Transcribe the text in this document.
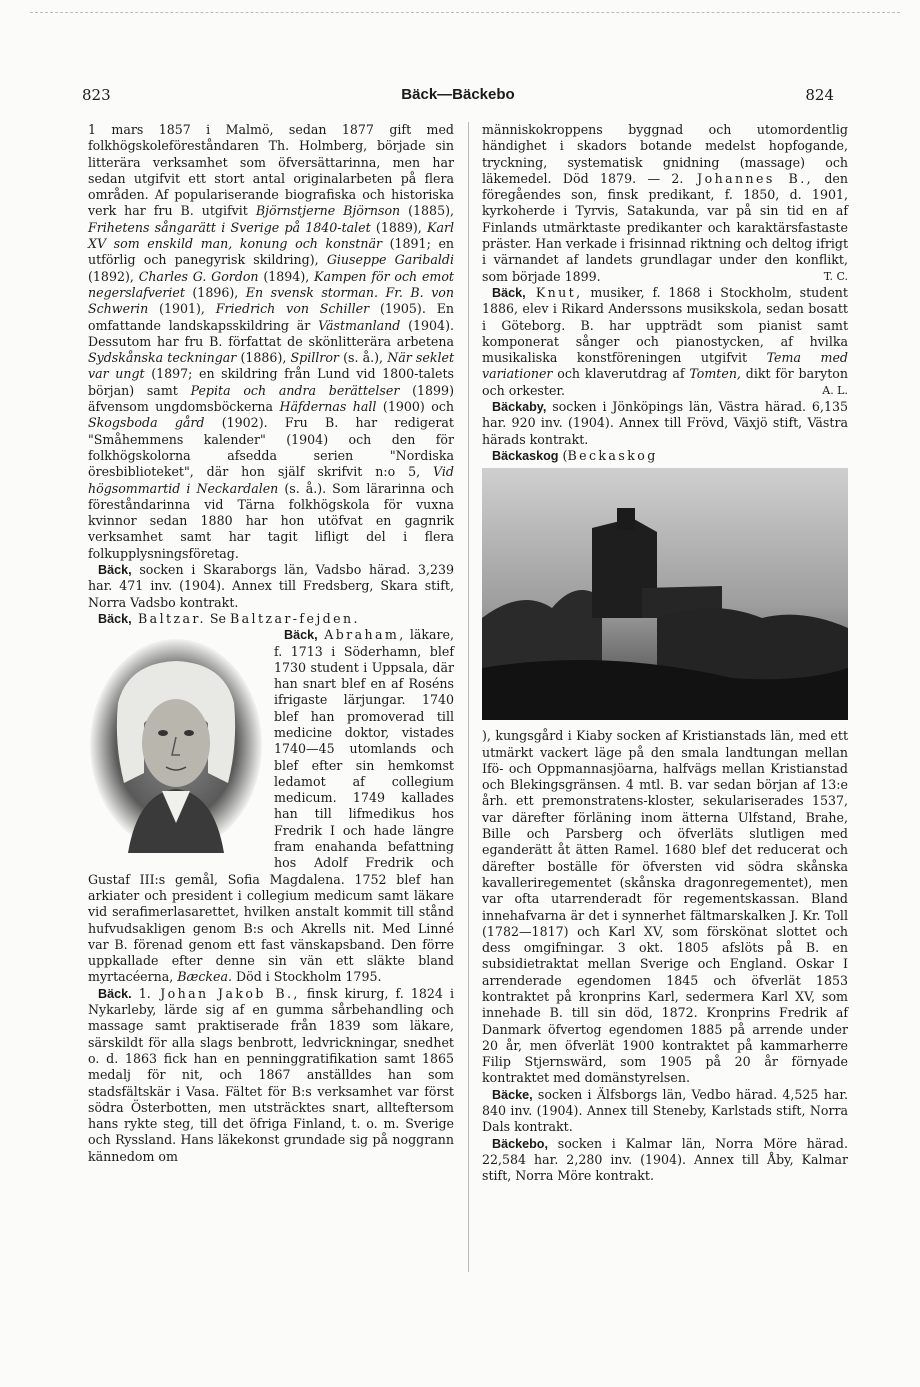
823	Bäck—Bäckebo	824

1 mars 1857 i Malmö, sedan 1877 gift med folkhögskoleföreståndaren Th. Holmberg, började sin litterära verksamhet som öfversättarinna, men har sedan utgifvit ett stort antal originalarbeten på flera områden. Af populariserande biografiska och historiska verk har fru B. utgifvit Björnstjerne Björnson (1885), Frihetens sångarätt i Sverige på 1840-talet (1889), Karl XV som enskild man, konung och konstnär (1891; en utförlig och panegyrisk skildring), Giuseppe Garibaldi (1892), Charles G. Gordon (1894), Kampen för och emot negerslafveriet (1896), En svensk storman. Fr. B. von Schwerin (1901), Friedrich von Schiller (1905). En omfattande landskapsskildring är Västmanland (1904). Dessutom har fru B. författat de skönlitterära arbetena Sydskånska teckningar (1886), Spillror (s. å.), När seklet var ungt (1897; en skildring från Lund vid 1800-talets början) samt Pepita och andra berättelser (1899) äfvensom ungdomsböckerna Häfdernas hall (1900) och Skogsboda gård (1902). Fru B. har redigerat "Småhemmens kalender" (1904) och den för folkhögskolorna afsedda serien "Nordiska öresbiblioteket", där hon själf skrifvit n:o 5, Vid högsommartid i Neckardalen (s. å.). Som lärarinna och föreståndarinna vid Tärna folkhögskola för vuxna kvinnor sedan 1880 har hon utöfvat en gagnrik verksamhet samt har tagit lifligt del i flera folkupplysningsföretag.

Bäck, socken i Skaraborgs län, Vadsbo härad. 3,239 har. 471 inv. (1904). Annex till Fredsberg, Skara stift, Norra Vadsbo kontrakt.

Bäck, Baltzar. Se Baltzar-fejden.

Bäck, Abraham,
läkare, f. 1713 i Söderhamn, blef 1730 student i Uppsala, där han snart blef en af Roséns ifrigaste lärjungar. 1740 blef han promoverad till medicine doktor, vistades 1740—45 utomlands och blef efter sin hemkomst ledamot af collegium medicum. 1749 kallades han till lifmedikus hos Fredrik I och hade längre fram enahanda befattning hos Adolf Fredrik och Gustaf III:s gemål, Sofia Magdalena. 1752 blef han arkiater och president i collegium medicum samt läkare vid serafimerlasarettet, hvilken anstalt kommit till stånd hufvudsakligen genom B:s och Akrells nit. Med Linné var B. förenad genom ett fast vänskapsband. Den förre uppkallade efter denne sin vän ett släkte bland myrtacéerna, Bæckea. Död i Stockholm 1795.

Bäck. 1. Johan Jakob B., finsk kirurg, f. 1824 i Nykarleby, lärde sig af en gumma sårbehandling och massage samt praktiserade från 1839 som läkare, särskildt för alla slags benbrott, ledvrickningar, snedhet o. d. 1863 fick han en penninggratifikation samt 1865 medalj för nit, och 1867 anställdes han som stadsfältskär i Vasa. Fältet för B:s verksamhet var först södra Österbotten, men utsträcktes snart, allteftersom hans rykte steg, till det öfriga Finland, t. o. m. Sverige och Ryssland. Hans läkekonst grundade sig på noggrann kännedom om

människokroppens byggnad och utomordentlig händighet i skadors botande medelst hopfogande, tryckning, systematisk gnidning (massage) och läkemedel. Död 1879. — 2. Johannes B., den föregåendes son, finsk predikant, f. 1850, d. 1901, kyrkoherde i Tyrvis, Satakunda, var på sin tid en af Finlands utmärktaste predikanter och karaktärsfastaste präster. Han verkade i frisinnad riktning och deltog ifrigt i värnandet af landets grundlagar under den konflikt, som började 1899.	T. C.

Bäck, Knut, musiker, f. 1868 i Stockholm, student 1886, elev i Rikard Anderssons musikskola, sedan bosatt i Göteborg. B. har uppträdt som pianist samt komponerat sånger och pianostycken, af hvilka musikaliska konstföreningen utgifvit Tema med variationer och klaverutdrag af Tomten, dikt för baryton och orkester.	A. L.

Bäckaby, socken i Jönköpings län, Västra härad. 6,135 har. 920 inv. (1904). Annex till Frövd, Växjö stift, Västra härads kontrakt.

Bäckaskog (Beckaskog
), kungsgård i Kiaby socken af Kristianstads län, med ett utmärkt vackert läge på den smala landtungan mellan Ifö- och Oppmannasjöarna, halfvägs mellan Kristianstad och Blekingsgränsen. 4 mtl. B. var sedan början af 13:e årh. ett premonstratens-kloster, sekulariserades 1537, var därefter förläning inom ätterna Ulfstand, Brahe, Bille och Parsberg och öfverläts slutligen med eganderätt åt ätten Ramel. 1680 blef det reducerat och därefter boställe för öfversten vid södra skånska kavalleriregementet (skånska dragonregementet), men var ofta utarrenderadt för regementskassan. Bland innehafvarna är det i synnerhet fältmarskalken J. Kr. Toll (1782—1817) och Karl XV, som förskönat slottet och dess omgifningar. 3 okt. 1805 afslöts på B. en subsidietraktat mellan Sverige och England. Oskar I arrenderade egendomen 1845 och öfverlät 1853 kontraktet på kronprins Karl, sedermera Karl XV, som innehade B. till sin död, 1872. Kronprins Fredrik af Danmark öfvertog egendomen 1885 på arrende under 20 år, men öfverlät 1900 kontraktet på kammarherre Filip Stjernswärd, som 1905 på 20 år förnyade kontraktet med domänstyrelsen.

Bäcke, socken i Älfsborgs län, Vedbo härad. 4,525 har. 840 inv. (1904). Annex till Steneby, Karlstads stift, Norra Dals kontrakt.

Bäckebo, socken i Kalmar län, Norra Möre härad. 22,584 har. 2,280 inv. (1904). Annex till Åby, Kalmar stift, Norra Möre kontrakt.
